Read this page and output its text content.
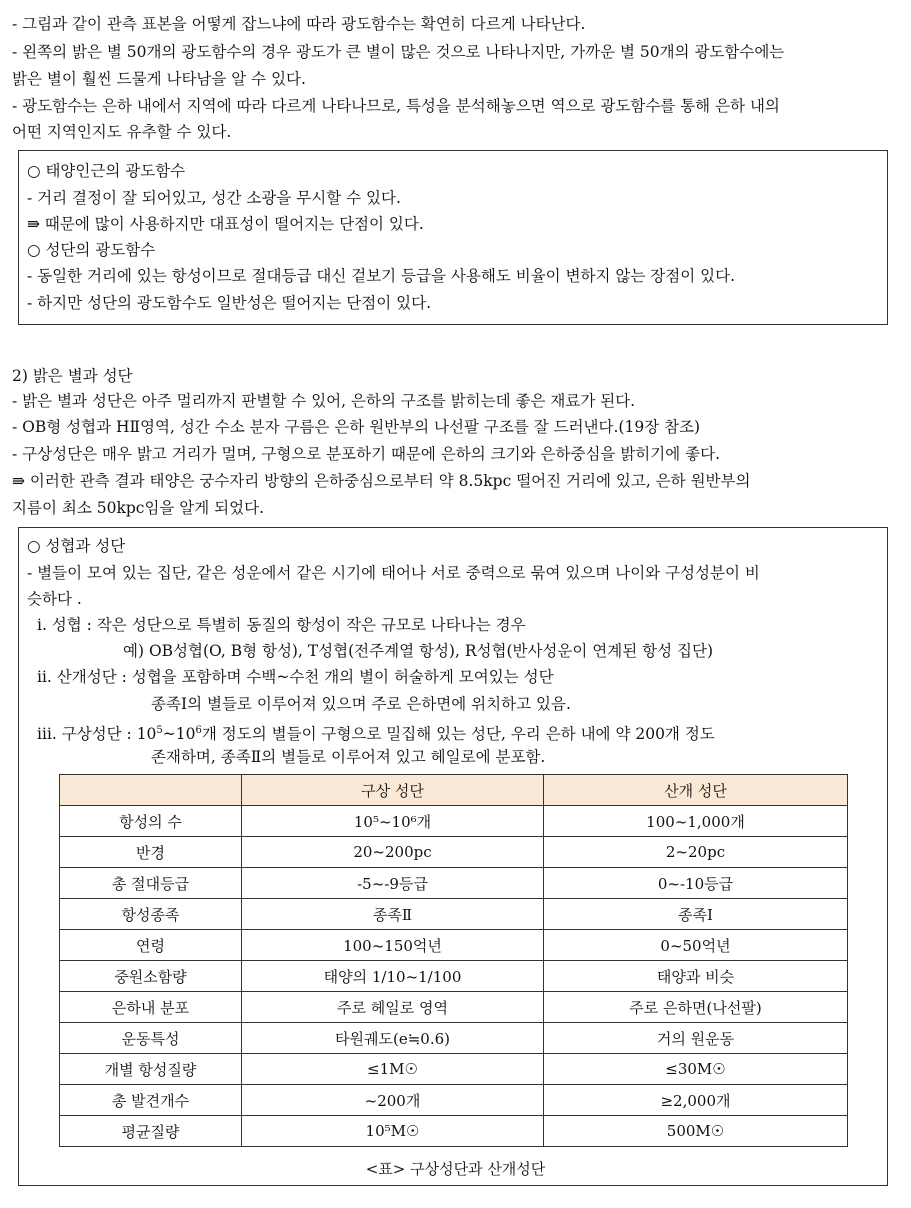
- 그림과 같이 관측 표본을 어떻게 잡느냐에 따라 광도함수는 확연히 다르게 나타난다.
- 왼쪽의 밝은 별 50개의 광도함수의 경우 광도가 큰 별이 많은 것으로 나타나지만, 가까운 별 50개의 광도함수에는
밝은 별이 훨씬 드물게 나타남을 알 수 있다.
- 광도함수는 은하 내에서 지역에 따라 다르게 나타나므로, 특성을 분석해놓으면 역으로 광도함수를 통해 은하 내의
어떤 지역인지도 유추할 수 있다.
○ 태양인근의 광도함수
- 거리 결정이 잘 되어있고, 성간 소광을 무시할 수 있다.
⇛ 때문에 많이 사용하지만 대표성이 떨어지는 단점이 있다.
○ 성단의 광도함수
- 동일한 거리에 있는 항성이므로 절대등급 대신 겉보기 등급을 사용해도 비율이 변하지 않는 장점이 있다.
- 하지만 성단의 광도함수도 일반성은 떨어지는 단점이 있다.
2) 밝은 별과 성단
- 밝은 별과 성단은 아주 멀리까지 판별할 수 있어, 은하의 구조를 밝히는데 좋은 재료가 된다.
- OB형 성협과 HⅡ영역, 성간 수소 분자 구름은 은하 원반부의 나선팔 구조를 잘 드러낸다.(19장 참조)
- 구상성단은 매우 밝고 거리가 멀며, 구형으로 분포하기 때문에 은하의 크기와 은하중심을 밝히기에 좋다.
⇛ 이러한 관측 결과 태양은 궁수자리 방향의 은하중심으로부터 약 8.5kpc 떨어진 거리에 있고, 은하 원반부의
지름이 최소 50kpc임을 알게 되었다.
○ 성협과 성단
- 별들이 모여 있는 집단, 같은 성운에서 같은 시기에 태어나 서로 중력으로 묶여 있으며 나이와 구성성분이 비
슷하다 .
ⅰ. 성협 : 작은 성단으로 특별히 동질의 항성이 작은 규모로 나타나는 경우
예) OB성협(O, B형 항성), T성협(전주계열 항성), R성협(반사성운이 연계된 항성 집단)
ⅱ. 산개성단 : 성협을 포함하며 수백~수천 개의 별이 허술하게 모여있는 성단
종족Ⅰ의 별들로 이루어져 있으며 주로 은하면에 위치하고 있음.
ⅲ. 구상성단 : $10^5\sim 10^6$개 정도의 별들이 구형으로 밀집해 있는 성단, 우리 은하 내에 약 200개 정도
존재하며, 종족Ⅱ의 별들로 이루어져 있고 헤일로에 분포함.
	구상 성단	산개 성단
항성의 수	10⁵~10⁶개	100~1,000개
반경	20~200pc	2~20pc
총 절대등급	-5~-9등급	0~-10등급
항성종족	종족Ⅱ	종족Ⅰ
연령	100~150억년	0~50억년
중원소함량	태양의 1/10~1/100	태양과 비슷
은하내 분포	주로 헤일로 영역	주로 은하면(나선팔)
운동특성	타원궤도(e≒0.6)	거의 원운동
개별 항성질량	≤1M☉	≤30M☉
총 발견개수	~200개	≥2,000개
평균질량	10⁵M☉	500M☉
<표> 구상성단과 산개성단
